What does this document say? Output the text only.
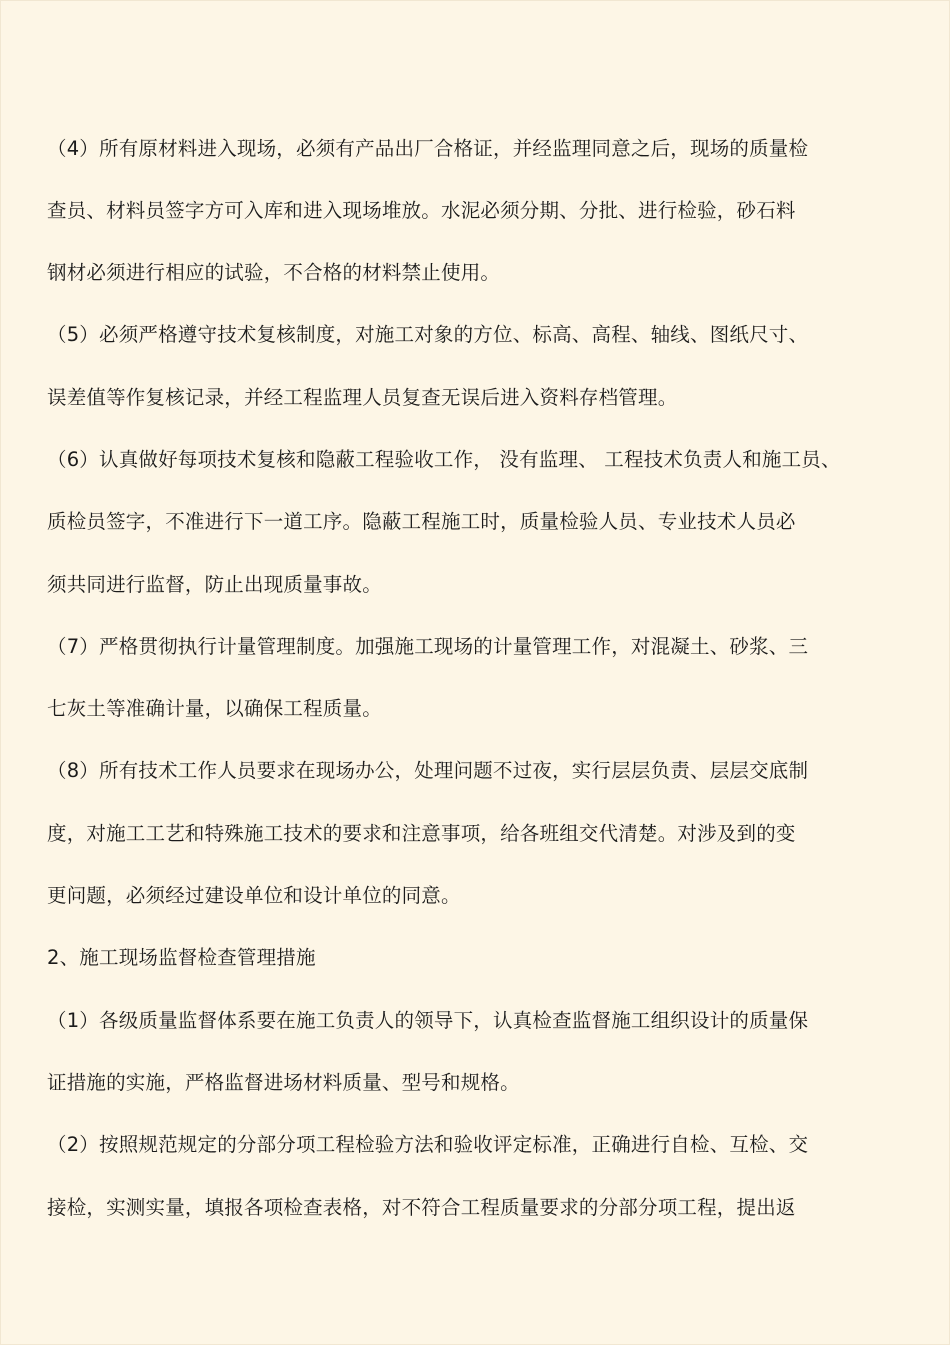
（4）所有原材料进入现场，必须有产品出厂合格证，并经监理同意之后，现场的质量检

查员、材料员签字方可入库和进入现场堆放。水泥必须分期、分批、进行检验，砂石料

钢材必须进行相应的试验，不合格的材料禁止使用。

（5）必须严格遵守技术复核制度，对施工对象的方位、标高、高程、轴线、图纸尺寸、

误差值等作复核记录，并经工程监理人员复查无误后进入资料存档管理。

（6）认真做好每项技术复核和隐蔽工程验收工作， 没有监理、 工程技术负责人和施工员、

质检员签字，不准进行下一道工序。隐蔽工程施工时，质量检验人员、专业技术人员必

须共同进行监督，防止出现质量事故。

（7）严格贯彻执行计量管理制度。加强施工现场的计量管理工作，对混凝土、砂浆、三

七灰土等准确计量，以确保工程质量。

（8）所有技术工作人员要求在现场办公，处理问题不过夜，实行层层负责、层层交底制

度，对施工工艺和特殊施工技术的要求和注意事项，给各班组交代清楚。对涉及到的变

更问题，必须经过建设单位和设计单位的同意。

2、施工现场监督检查管理措施

（1）各级质量监督体系要在施工负责人的领导下，认真检查监督施工组织设计的质量保

证措施的实施，严格监督进场材料质量、型号和规格。

（2）按照规范规定的分部分项工程检验方法和验收评定标准，正确进行自检、互检、交

接检，实测实量，填报各项检查表格，对不符合工程质量要求的分部分项工程，提出返
